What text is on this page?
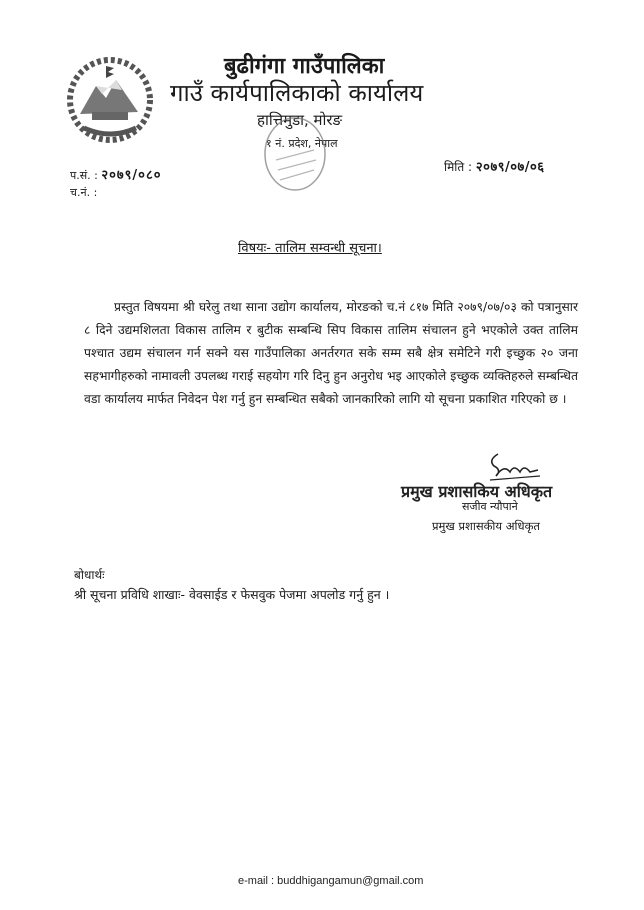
बुढीगंगा गाउँपालिका
गाउँ कार्यपालिकाको कार्यालय
हात्तिमुडा, मोरङ
१ नं. प्रदेश, नेपाल
प.सं. : २०७९/०८०
च.नं. :
मिति : २०७९/०७/०६
विषयः- तालिम सम्वन्धी सूचना।
प्रस्तुत विषयमा श्री घरेलु तथा साना उद्योग कार्यालय, मोरङको च.नं ८१७ मिति २०७९/०७/०३ को पत्रानुसार ८ दिने उद्यमशिलता विकास तालिम र बुटीक सम्बन्धि सिप विकास तालिम संचालन हुने भएकोले उक्त तालिम पश्चात उद्यम संचालन गर्न सक्ने यस गाउँपालिका अनर्तरगत सके सम्म सबै क्षेत्र समेटिने गरी इच्छुक २० जना सहभागीहरुको नामावली उपलब्ध गराई सहयोग गरि दिनु हुन अनुरोध भइ आएकोले इच्छुक व्यक्तिहरुले सम्बन्धित वडा कार्यालय मार्फत निवेदन पेश गर्नु हुन सम्बन्धित सबैको जानकारिको लागि यो सूचना प्रकाशित गरिएको छ ।
प्रमुख प्रशासकिय अधिकृत
सजीव न्यौपाने
प्रमुख प्रशासकीय अधिकृत
बोधार्थः
श्री सूचना प्रविधि शाखाः- वेवसाईड र फेसवुक पेजमा अपलोड गर्नु हुन ।
e-mail : buddhigangamun@gmail.com
